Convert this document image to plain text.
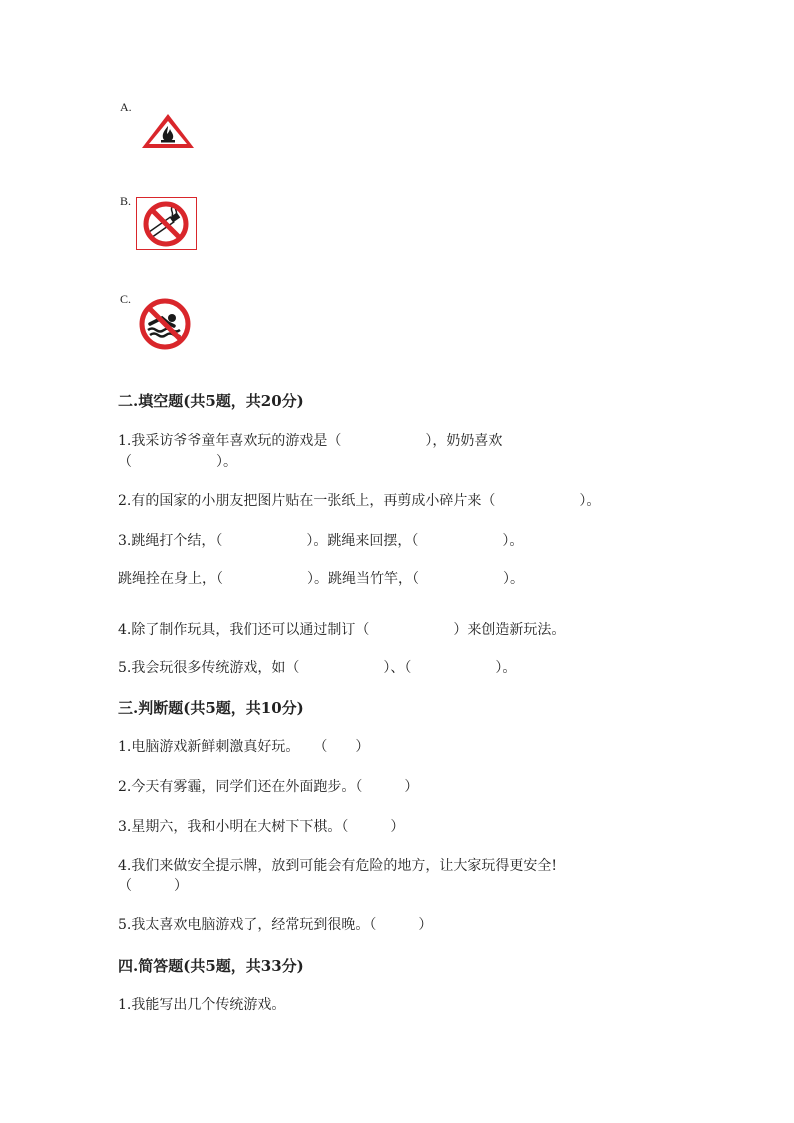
A.
B.
C.
二.填空题(共5题，共20分)
1.我采访爷爷童年喜欢玩的游戏是（　　　　　　），奶奶喜欢
（　　　　　　）。
2.有的国家的小朋友把图片贴在一张纸上，再剪成小碎片来（　　　　　　）。
3.跳绳打个结，（　　　　　　）。跳绳来回摆，（　　　　　　）。
跳绳拴在身上，（　　　　　　）。跳绳当竹竿，（　　　　　　）。
4.除了制作玩具，我们还可以通过制订（　　　　　　）来创造新玩法。
5.我会玩很多传统游戏，如（　　　　　　）、（　　　　　　）。
三.判断题(共5题，共10分)
1.电脑游戏新鲜刺激真好玩。　　（　　）
2.今天有雾霾，同学们还在外面跑步。（　　　）
3.星期六，我和小明在大树下下棋。（　　　）
4.我们来做安全提示牌，放到可能会有危险的地方，让大家玩得更安全!
（　　　）
5.我太喜欢电脑游戏了，经常玩到很晚。（　　　）
四.简答题(共5题，共33分)
1.我能写出几个传统游戏。
